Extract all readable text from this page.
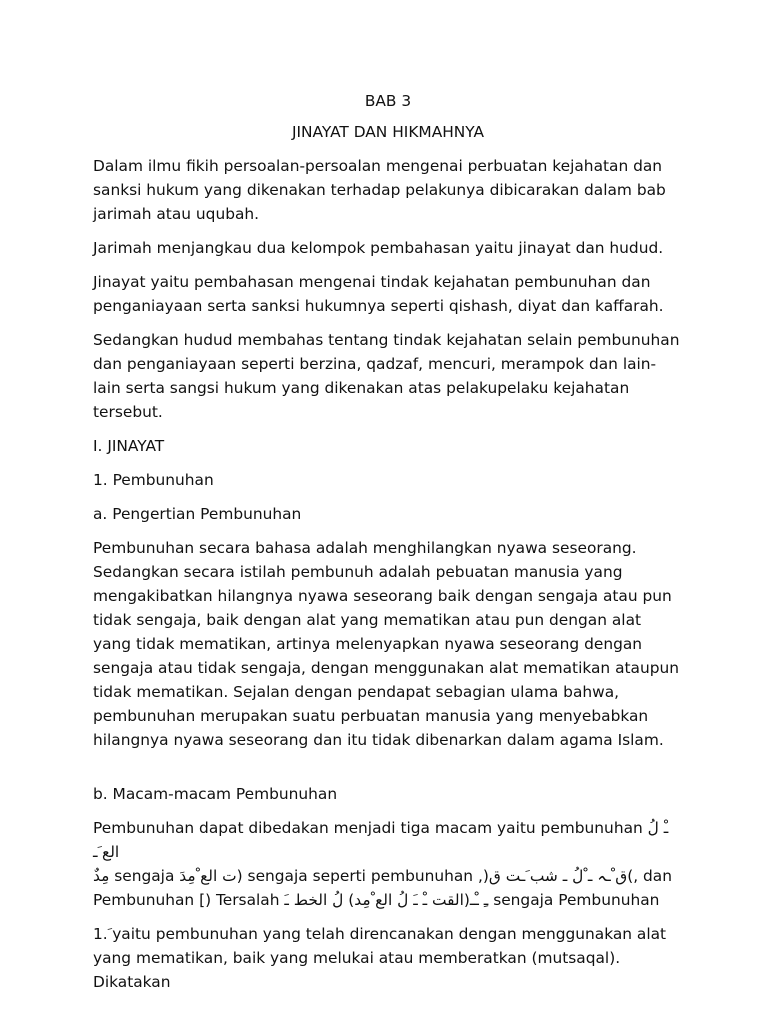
BAB 3

JINAYAT DAN HIKMAHNYA

Dalam ilmu fikih persoalan-persoalan mengenai perbuatan kejahatan dan sanksi hukum yang dikenakan terhadap pelakunya dibicarakan dalam bab jarimah atau uqubah.

Jarimah menjangkau dua kelompok pembahasan yaitu jinayat dan hudud.

Jinayat yaitu pembahasan mengenai tindak kejahatan pembunuhan dan penganiayaan serta sanksi hukumnya seperti qishash, diyat dan kaffarah.

Sedangkan hudud membahas tentang tindak kejahatan selain pembunuhan dan penganiayaan seperti berzina, qadzaf, mencuri, merampok dan lain-lain serta sangsi hukum yang dikenakan atas pelakupelaku kejahatan tersebut.

I. JINAYAT

1. Pembunuhan

a. Pengertian Pembunuhan

Pembunuhan secara bahasa adalah menghilangkan nyawa seseorang. Sedangkan secara istilah pembunuh adalah pebuatan manusia yang mengakibatkan hilangnya nyawa seseorang baik dengan sengaja atau pun tidak sengaja, baik dengan alat yang mematikan atau pun dengan alat yang tidak mematikan, artinya melenyapkan nyawa seseorang dengan sengaja atau tidak sengaja, dengan menggunakan alat mematikan ataupun tidak mematikan. Sejalan dengan pendapat sebagian ulama bahwa, pembunuhan merupakan suatu perbuatan manusia yang menyebabkan hilangnya nyawa seseorang dan itu tidak dibenarkan dalam agama Islam.

b. Macam-macam Pembunuhan

Pembunuhan dapat dibedakan menjadi tiga macam yaitu pembunuhan ـْ لُ الع َـ
ٌمِد sengaja ت الع ْمِدَ) sengaja seperti pembunuhan ,)ق ْـہ ـ ْلُ ـ شب َـت ق(, dan
Pembunuhan [) Tersalah ـِ ـْـ(القت ـْ ـَ لُ الع ْمِد) لُ الخط ـَ sengaja Pembunuhan

1. َyaitu pembunuhan yang telah direncanakan dengan menggunakan alat yang mematikan, baik yang melukai atau memberatkan (mutsaqal). Dikatakan
